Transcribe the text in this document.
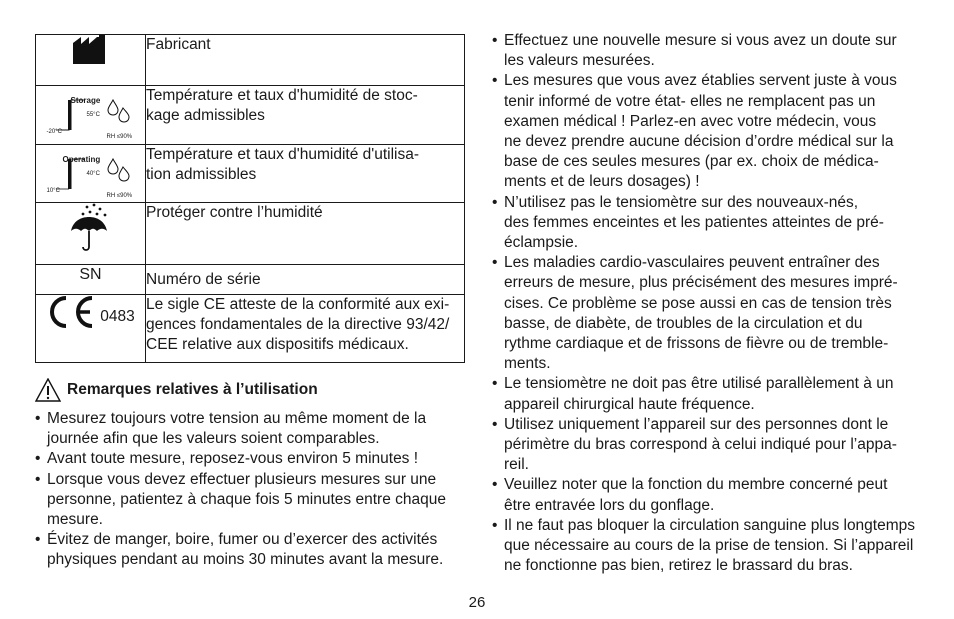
	Fabricant

Storage
55°C
-20°C
RH ≤90%	Température et taux d'humidité de stoc-
kage admissibles

Operating
40°C
10°C
RH ≤90%	Température et taux d'humidité d'utilisa-
tion admissibles
	Protéger contre l’humidité
SN	Numéro de série

0483	Le sigle CE atteste de la conformité aux exi-
gences fondamentales de la directive 93/42/
CEE relative aux dispositifs médicaux.
Remarques relatives à l’utilisation
• Mesurez toujours votre tension au même moment de la
journée afin que les valeurs soient comparables.
• Avant toute mesure, reposez-vous environ 5 minutes !
• Lorsque vous devez effectuer plusieurs mesures sur une
personne, patientez à chaque fois 5 minutes entre chaque
mesure.
• Évitez de manger, boire, fumer ou d’exercer des activités
physiques pendant au moins 30 minutes avant la mesure.
• Effectuez une nouvelle mesure si vous avez un doute sur
les valeurs mesurées.
• Les mesures que vous avez établies servent juste à vous
tenir informé de votre état- elles ne remplacent pas un
examen médical ! Parlez-en avec votre médecin, vous
ne devez prendre aucune décision d’ordre médical sur la
base de ces seules mesures (par ex. choix de médica-
ments et de leurs dosages) !
• N’utilisez pas le tensiomètre sur des nouveaux-nés,
des femmes enceintes et les patientes atteintes de pré-
éclampsie.
• Les maladies cardio-vasculaires peuvent entraîner des
erreurs de mesure, plus précisément des mesures impré-
cises. Ce problème se pose aussi en cas de tension très
basse, de diabète, de troubles de la circulation et du
rythme cardiaque et de frissons de fièvre ou de tremble-
ments.
• Le tensiomètre ne doit pas être utilisé parallèlement à un
appareil chirurgical haute fréquence.
• Utilisez uniquement l’appareil sur des personnes dont le
périmètre du bras correspond à celui indiqué pour l’appa-
reil.
• Veuillez noter que la fonction du membre concerné peut
être entravée lors du gonflage.
• Il ne faut pas bloquer la circulation sanguine plus longtemps
que nécessaire au cours de la prise de tension. Si l’appareil
ne fonctionne pas bien, retirez le brassard du bras.
26
